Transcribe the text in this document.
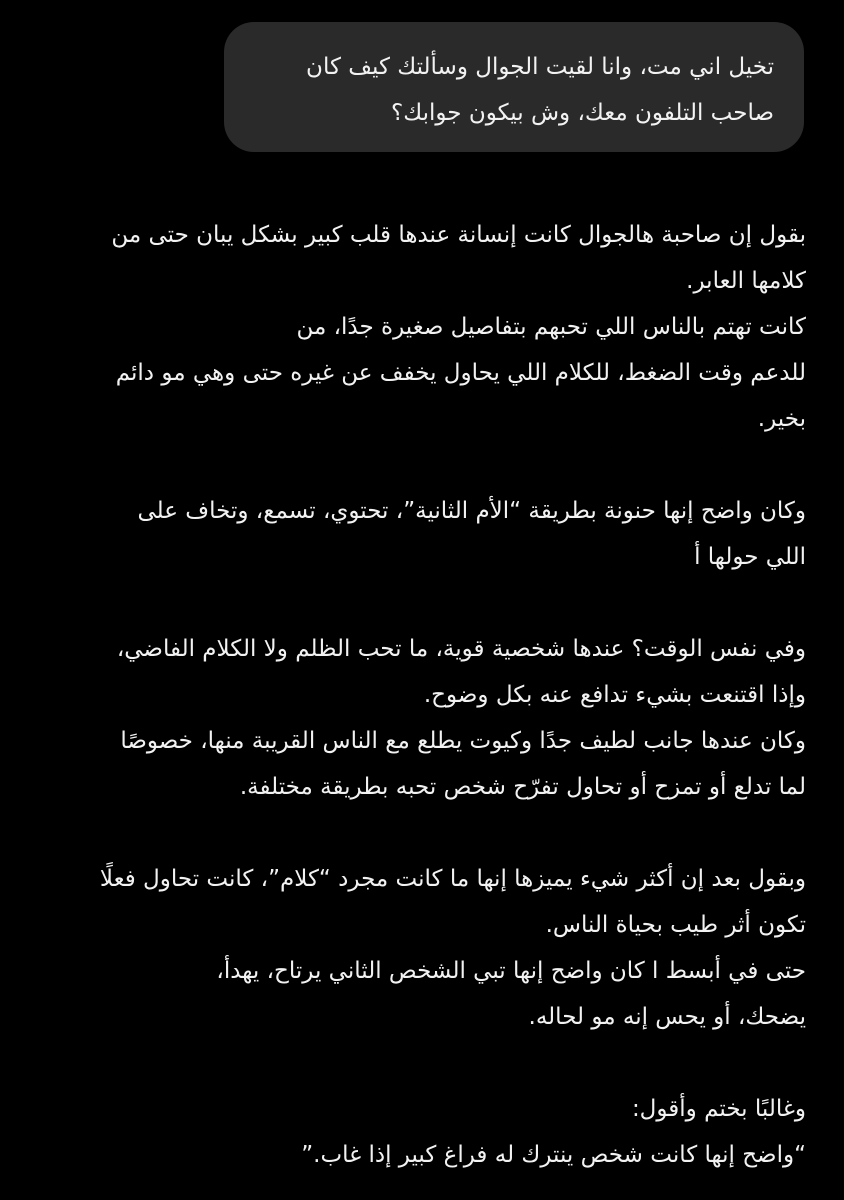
تخيل اني مت، وانا لقيت الجوال وسألتك كيف كان
صاحب التلفون معك، وش بيكون جوابك؟
بقول إن صاحبة هالجوال كانت إنسانة عندها قلب كبير بشكل يبان حتى من
كلامها العابر.
كانت تهتم بالناس اللي تحبهم بتفاصيل صغيرة جدًا، من
للدعم وقت الضغط، للكلام اللي يحاول يخفف عن غيره حتى وهي مو دائم
بخير.
وكان واضح إنها حنونة بطريقة “الأم الثانية”، تحتوي، تسمع، وتخاف على
اللي حولها أ
وفي نفس الوقت؟ عندها شخصية قوية، ما تحب الظلم ولا الكلام الفاضي،
وإذا اقتنعت بشيء تدافع عنه بكل وضوح.
وكان عندها جانب لطيف جدًا وكيوت يطلع مع الناس القريبة منها، خصوصًا
لما تدلع أو تمزح أو تحاول تفرّح شخص تحبه بطريقة مختلفة.
وبقول بعد إن أكثر شيء يميزها إنها ما كانت مجرد “كلام”، كانت تحاول فعلًا
تكون أثر طيب بحياة الناس.
حتى في أبسط ا كان واضح إنها تبي الشخص الثاني يرتاح، يهدأ،
يضحك، أو يحس إنه مو لحاله.
وغالبًا بختم وأقول:
“واضح إنها كانت شخص ينترك له فراغ كبير إذا غاب.”
